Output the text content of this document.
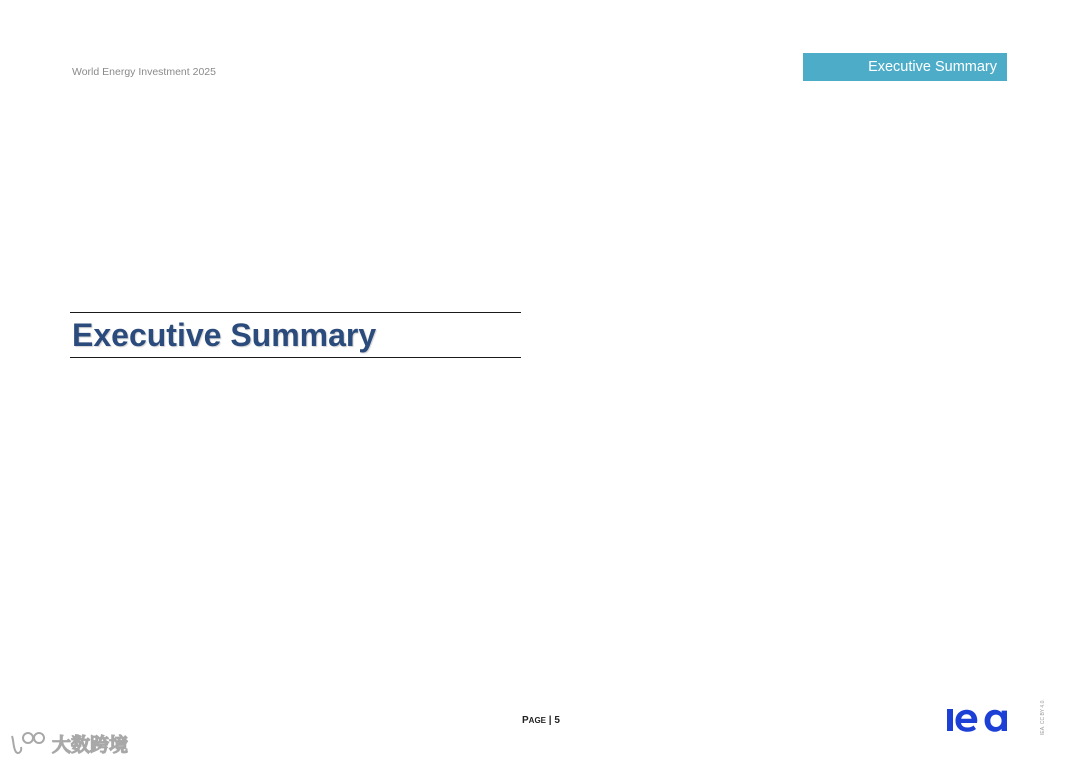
World Energy Investment 2025	Executive Summary
Executive Summary
PAGE | 5	IEA. CC BY 4.0.
大数跨境
